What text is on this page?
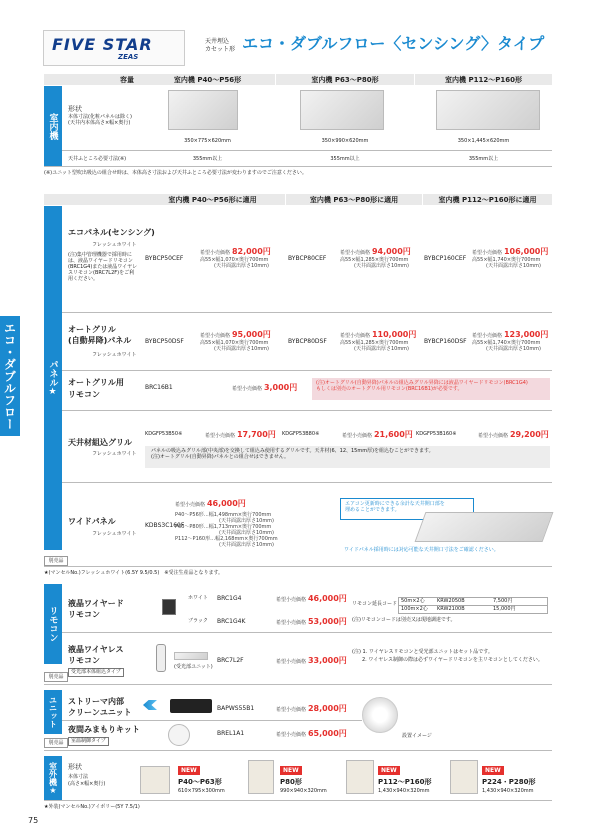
FIVE STAR
ZEAS
天井埋込
カセット形 エコ・ダブルフロー〈センシング〉タイプ
エコ・ダブルフロー
容量	室内機 P40〜P56形	室内機 P63〜P80形	室内機 P112〜P160形
室内機
形状
本体寸法(化粧パネルは除く)
(天井内本体高さ×幅×奥行)
350×775×620mm	350×990×620mm	350×1,445×620mm
天井ふところ必要寸法(※)	355mm以上	355mm以上	355mm以上
(※)ユニット型吹出吸込の組合せ時は、本体高さ寸法および天井ふところ必要寸法が変わりますのでご注意ください。
室内機 P40〜P56形に適用	室内機 P63〜P80形に適用	室内機 P112〜P160形に適用
パネル★
エコパネル(センシング)
フレッシュホワイト
(注)集中管理機器で採用時には、液晶ワイヤードリモコン(BRC1G4)または液晶ワイヤレスリモコン(BRC7L2F)をご利用ください。
BYBCP50CEF
希望小売価格 82,000円
高55×幅1,070×奥行700mm
(天井面露出厚さ10mm)
BYBCP80CEF
希望小売価格 94,000円
高55×幅1,285×奥行700mm
(天井面露出厚さ10mm)
BYBCP160CEF
希望小売価格 106,000円
高55×幅1,740×奥行700mm
(天井面露出厚さ10mm)
オートグリル
(自動昇降)パネル
フレッシュホワイト
BYBCP50DSF
希望小売価格 95,000円
高55×幅1,070×奥行700mm
(天井面露出厚さ10mm)
BYBCP80DSF
希望小売価格 110,000円
高55×幅1,285×奥行700mm
(天井面露出厚さ10mm)
BYBCP160DSF
希望小売価格 123,000円
高55×幅1,740×奥行700mm
(天井面露出厚さ10mm)
オートグリル用
リモコン
BRC16B1	希望小売価格 3,000円	(注)オートグリル(自動昇降)パネルの組込みグリル昇降には液晶ワイヤードリモコン(BRC1G4)
もしくは別売のオートグリル用リモコン(BRC16B1)が必要です。
天井材組込グリル
フレッシュホワイト
KDGFP53B50※	希望小売価格 17,700円 KDGFP53B80※	希望小売価格 21,600円 KDGFP53B160※	希望小売価格 29,200円
パネルの吸込みグリル部(中央部)を交換して組込み使用するグリルです。天井材(6、12、15mm厚)を組込むことができます。
(注)オートグリル(自動昇降)パネルとの組合せはできません。
ワイドパネル
フレッシュホワイト
KDBS3C160F
希望小売価格 46,000円
P40〜P56形…幅1,498mm×奥行700mm
(天井面露出厚さ10mm)
P63〜P80形…幅1,713mm×奥行700mm
(天井面露出厚さ10mm)
P112〜P160形…幅2,168mm×奥行700mm
(天井面露出厚さ10mm)
エアコン更新時にできる余計な天井開口部を
埋めることができます。
ワイドパネル採用時には対応可能な天井開口寸法をご確認ください。
別売品
★(マンセルNo.)フレッシュホワイト(6.5Y 9.5/0.5)　※受注生産品となります。
リモコン
液晶ワイヤード
リモコン
ホワイト
ブラック
BRC1G4	希望小売価格 46,000円
BRC1G4K	希望小売価格 53,000円
リモコン延長コード 50m×2心	KRW2050B	7,500円
100m×2心	KRW2100B	15,000円
(注)リモコンコードは別売又は現地調達です。
液晶ワイヤレス
リモコン
受光部本体組込タイプ
(受光部ユニット)
BRC7L2F	希望小売価格 33,000円
(注) 1. ワイヤレスリモコンと受光部ユニットはセット品です。
2. ワイヤレス制御の際は必ずワイヤードリモコンを主リモコンとしてください。
別売品
ユニット	ストリーマ内部
クリーンユニット	BAPWS55B1	希望小売価格 28,000円
夜間みまもりキット
室温制御タイプ
BREL1A1	希望小売価格 65,000円	設置イメージ
別売品
室外機★	形状
本体寸法
(高さ×幅×奥行)
NEW
P40〜P63形
610×795×300mm
NEW
P80形
990×940×320mm
NEW
P112〜P160形
1,430×940×320mm
NEW
P224・P280形
1,430×940×320mm
★外装(マンセルNo.)アイボリー(5Y 7.5/1)
75
